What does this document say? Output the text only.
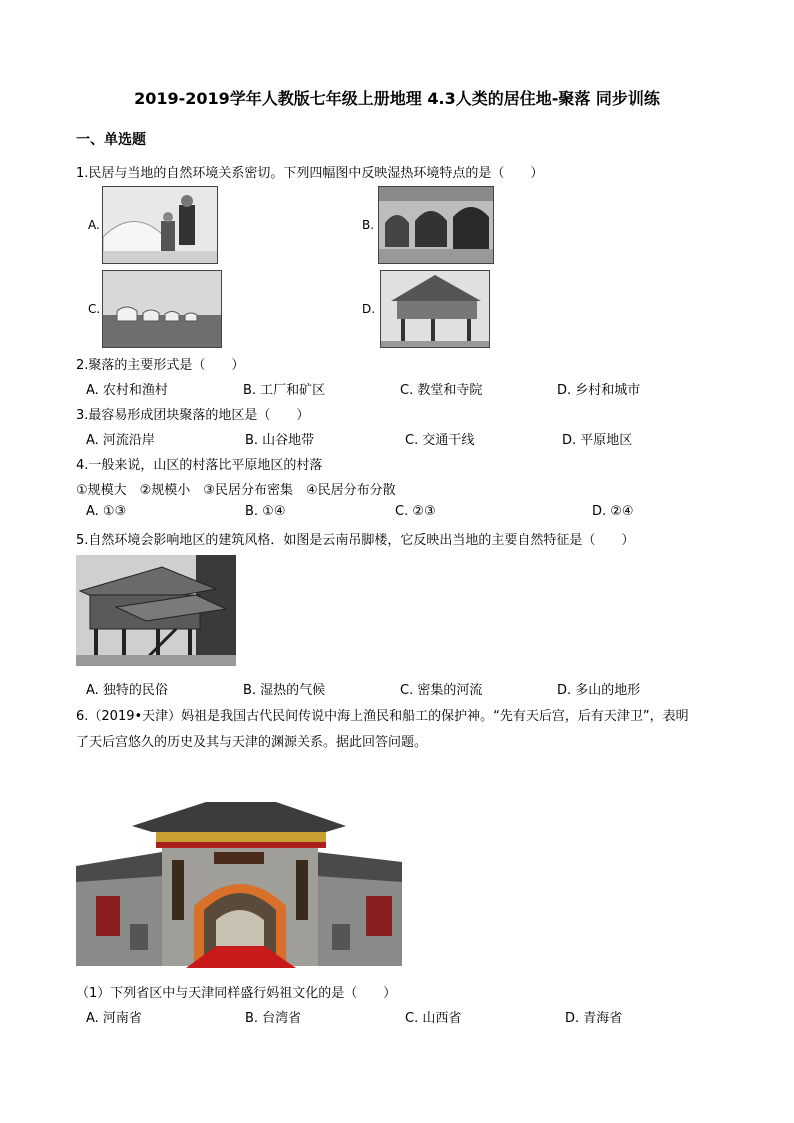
2019-2019学年人教版七年级上册地理 4.3人类的居住地-聚落 同步训练
一、单选题
1.民居与当地的自然环境关系密切。下列四幅图中反映湿热环境特点的是（　　）
A.	B.
C.	D.
2.聚落的主要形式是（　　）
A. 农村和渔村	B. 工厂和矿区	C. 教堂和寺院	D. 乡村和城市
3.最容易形成团块聚落的地区是（　　）
A. 河流沿岸	B. 山谷地带	C. 交通干线	D. 平原地区
4.一般来说，山区的村落比平原地区的村落
①规模大　②规模小　③民居分布密集　④民居分布分散
A. ①③	B. ①④	C. ②③	D. ②④
5.自然环境会影响地区的建筑风格．如图是云南吊脚楼，它反映出当地的主要自然特征是（　　）
A. 独特的民俗	B. 湿热的气候	C. 密集的河流	D. 多山的地形
6.（2019•天津）妈祖是我国古代民间传说中海上渔民和船工的保护神。“先有天后宫，后有天津卫”，表明
了天后宫悠久的历史及其与天津的渊源关系。据此回答问题。
（1）下列省区中与天津同样盛行妈祖文化的是（　　）
A. 河南省	B. 台湾省	C. 山西省	D. 青海省
